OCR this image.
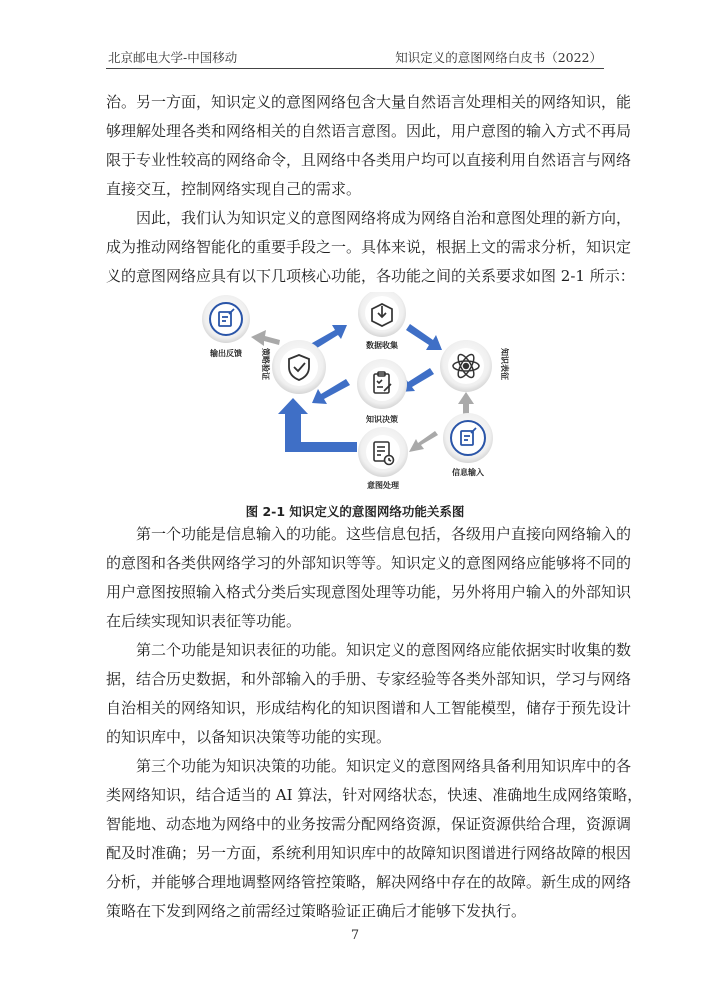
北京邮电大学-中国移动	知识定义的意图网络白皮书（2022）

治。另一方面，知识定义的意图网络包含大量自然语言处理相关的网络知识，能
够理解处理各类和网络相关的自然语言意图。因此，用户意图的输入方式不再局
限于专业性较高的网络命令，且网络中各类用户均可以直接利用自然语言与网络
直接交互，控制网络实现自己的需求。

因此，我们认为知识定义的意图网络将成为网络自治和意图处理的新方向，
成为推动网络智能化的重要手段之一。具体来说，根据上文的需求分析，知识定
义的意图网络应具有以下几项核心功能，各功能之间的关系要求如图 2-1 所示：

输出反馈 策略验证
数据收集
知识表征
知识决策
信息输入
意图处理
图 2-1 知识定义的意图网络功能关系图

第一个功能是信息输入的功能。这些信息包括，各级用户直接向网络输入的
的意图和各类供网络学习的外部知识等等。知识定义的意图网络应能够将不同的
用户意图按照输入格式分类后实现意图处理等功能，另外将用户输入的外部知识
在后续实现知识表征等功能。

第二个功能是知识表征的功能。知识定义的意图网络应能依据实时收集的数
据，结合历史数据，和外部输入的手册、专家经验等各类外部知识，学习与网络
自治相关的网络知识，形成结构化的知识图谱和人工智能模型，储存于预先设计
的知识库中，以备知识决策等功能的实现。

第三个功能为知识决策的功能。知识定义的意图网络具备利用知识库中的各
类网络知识，结合适当的 AI 算法，针对网络状态，快速、准确地生成网络策略，
智能地、动态地为网络中的业务按需分配网络资源，保证资源供给合理，资源调
配及时准确；另一方面，系统利用知识库中的故障知识图谱进行网络故障的根因
分析，并能够合理地调整网络管控策略，解决网络中存在的故障。新生成的网络
策略在下发到网络之前需经过策略验证正确后才能够下发执行。

7
